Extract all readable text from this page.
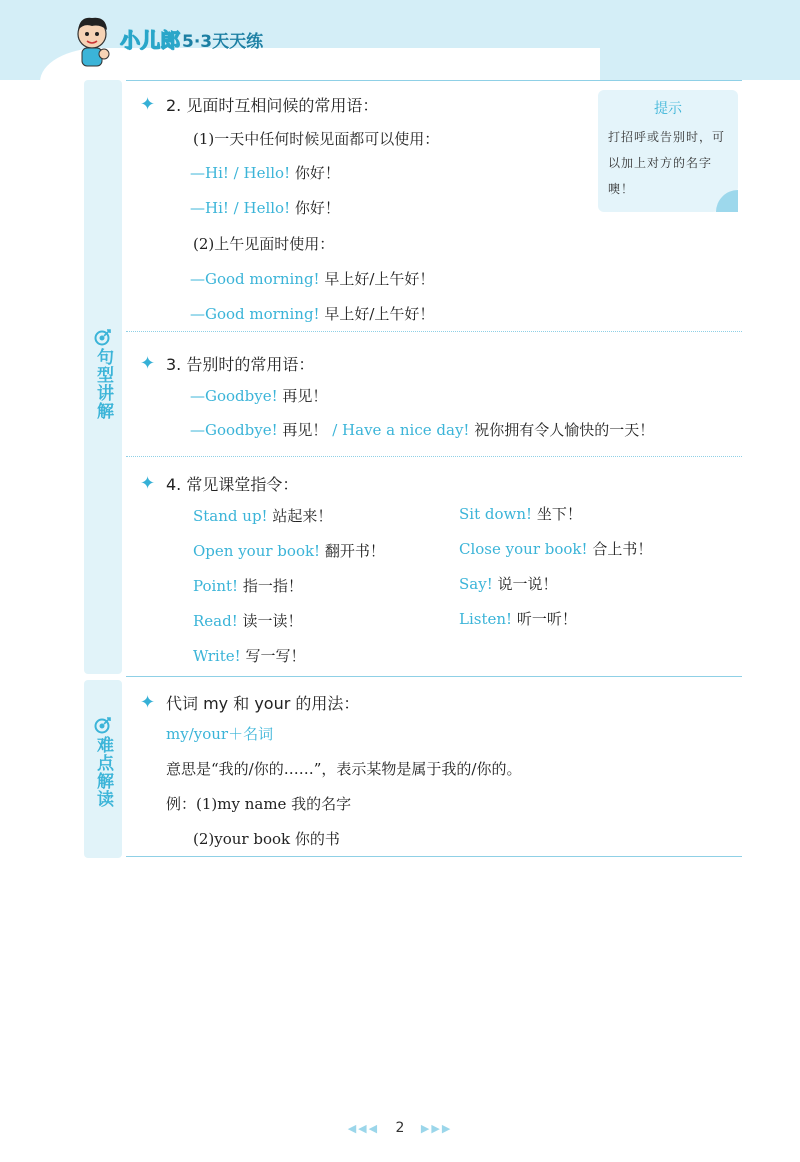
小儿郎 5·3天天练
句型讲解
难点解读
提示
打招呼或告别时，可以加上对方的名字噢！
✦ 2. 见面时互相问候的常用语：
(1)一天中任何时候见面都可以使用：
—Hi! / Hello! 你好！
—Hi! / Hello! 你好！
(2)上午见面时使用：
—Good morning! 早上好/上午好！
—Good morning! 早上好/上午好！
✦ 3. 告别时的常用语：
—Goodbye! 再见！
—Goodbye! 再见！ / Have a nice day! 祝你拥有令人愉快的一天！
✦ 4. 常见课堂指令：
Stand up! 站起来！
Open your book! 翻开书！
Point! 指一指！
Read! 读一读！
Write! 写一写！
Sit down! 坐下！
Close your book! 合上书！
Say! 说一说！
Listen! 听一听！
✦ 代词 my 和 your 的用法：
my/your＋名词
意思是“我的/你的……”，表示某物是属于我的/你的。
例：(1)my name 我的名字
(2)your book 你的书
◀◀◀ 2 ▶▶▶
